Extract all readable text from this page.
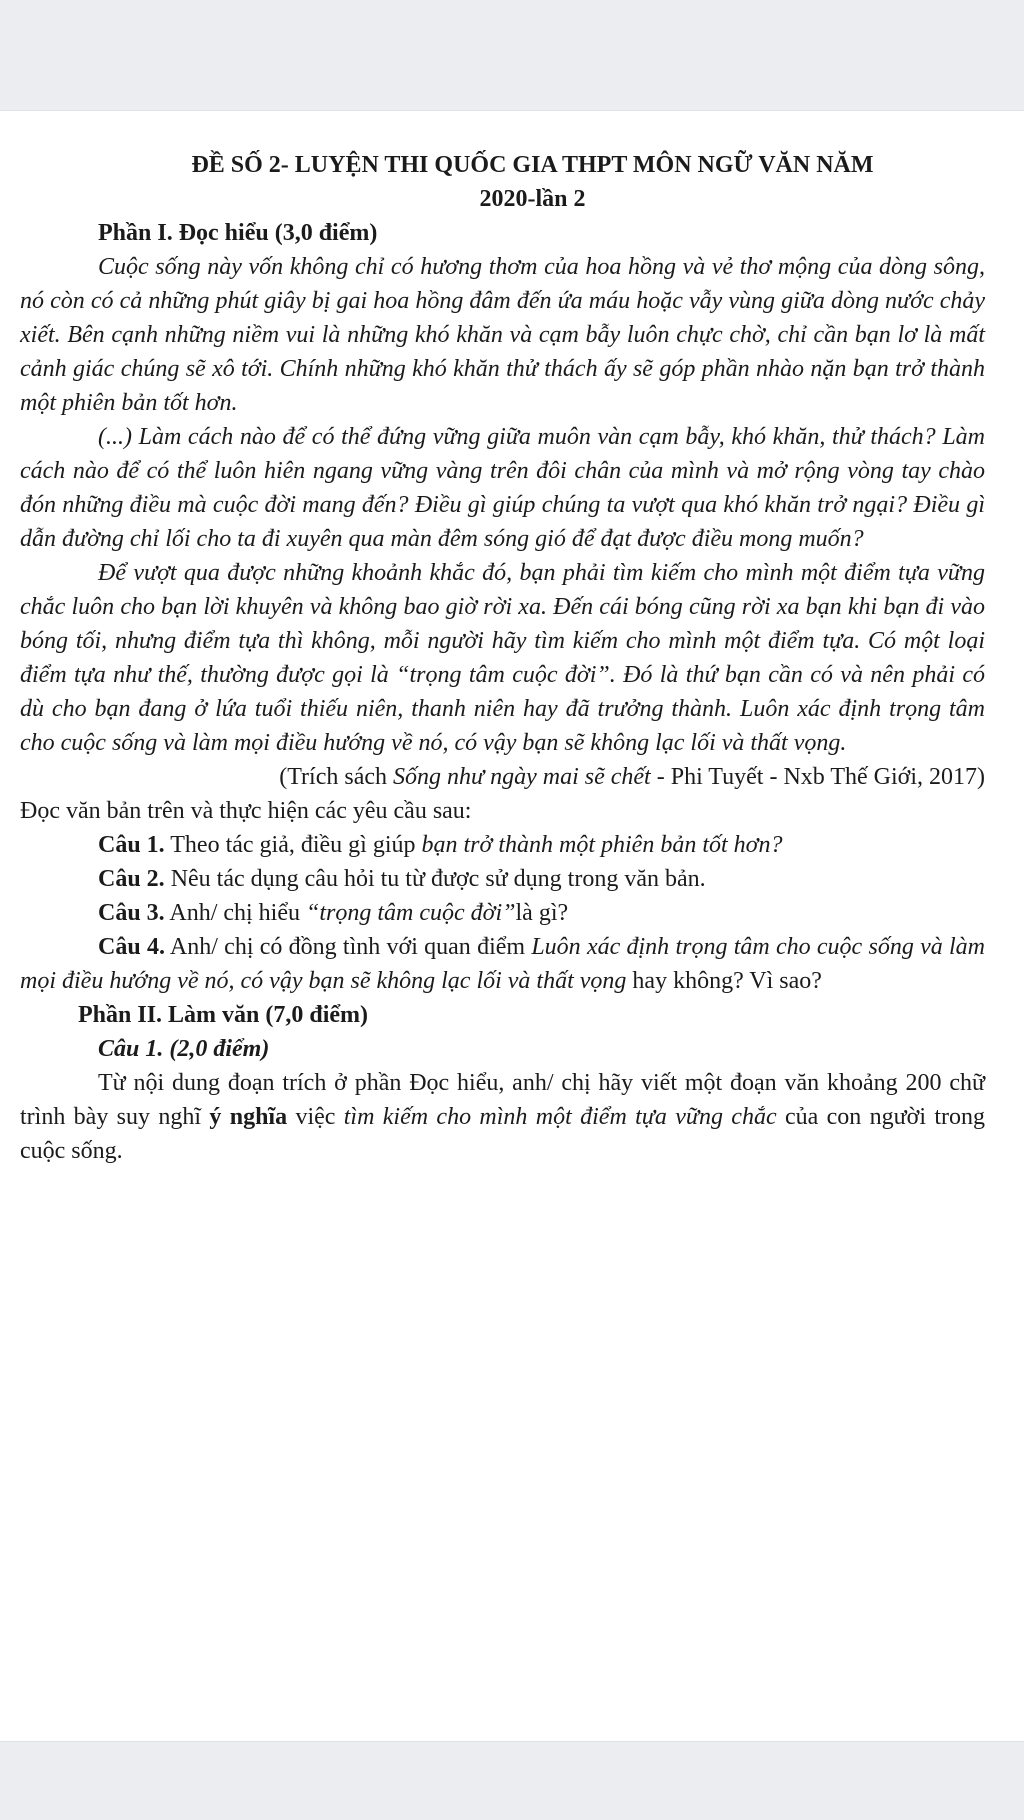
ĐỀ SỐ 2- LUYỆN THI QUỐC GIA THPT MÔN NGỮ VĂN NĂM

2020-lần 2

Phần I. Đọc hiểu (3,0 điểm)

Cuộc sống này vốn không chỉ có hương thơm của hoa hồng và vẻ thơ mộng của dòng sông, nó còn có cả những phút giây bị gai hoa hồng đâm đến ứa máu hoặc vẫy vùng giữa dòng nước chảy xiết. Bên cạnh những niềm vui là những khó khăn và cạm bẫy luôn chực chờ, chỉ cần bạn lơ là mất cảnh giác chúng sẽ xô tới. Chính những khó khăn thử thách ấy sẽ góp phần nhào nặn bạn trở thành một phiên bản tốt hơn.

(...) Làm cách nào để có thể đứng vững giữa muôn vàn cạm bẫy, khó khăn, thử thách? Làm cách nào để có thể luôn hiên ngang vững vàng trên đôi chân của mình và mở rộng vòng tay chào đón những điều mà cuộc đời mang đến? Điều gì giúp chúng ta vượt qua khó khăn trở ngại? Điều gì dẫn đường chỉ lối cho ta đi xuyên qua màn đêm sóng gió để đạt được điều mong muốn?

Để vượt qua được những khoảnh khắc đó, bạn phải tìm kiếm cho mình một điểm tựa vững chắc luôn cho bạn lời khuyên và không bao giờ rời xa. Đến cái bóng cũng rời xa bạn khi bạn đi vào bóng tối, nhưng điểm tựa thì không, mỗi người hãy tìm kiếm cho mình một điểm tựa. Có một loại điểm tựa như thế, thường được gọi là “trọng tâm cuộc đời”. Đó là thứ bạn cần có và nên phải có dù cho bạn đang ở lứa tuổi thiếu niên, thanh niên hay đã trưởng thành. Luôn xác định trọng tâm cho cuộc sống và làm mọi điều hướng về nó, có vậy bạn sẽ không lạc lối và thất vọng.

(Trích sách Sống như ngày mai sẽ chết - Phi Tuyết - Nxb Thế Giới, 2017)

Đọc văn bản trên và thực hiện các yêu cầu sau:

Câu 1. Theo tác giả, điều gì giúp bạn trở thành một phiên bản tốt hơn?

Câu 2. Nêu tác dụng câu hỏi tu từ được sử dụng trong văn bản.

Câu 3. Anh/ chị hiểu “trọng tâm cuộc đời”là gì?

Câu 4. Anh/ chị có đồng tình với quan điểm Luôn xác định trọng tâm cho cuộc sống và làm mọi điều hướng về nó, có vậy bạn sẽ không lạc lối và thất vọng hay không? Vì sao?

Phần II. Làm văn (7,0 điểm)

Câu 1. (2,0 điểm)

Từ nội dung đoạn trích ở phần Đọc hiểu, anh/ chị hãy viết một đoạn văn khoảng 200 chữ trình bày suy nghĩ ý nghĩa việc tìm kiếm cho mình một điểm tựa vững chắc của con người trong cuộc sống.
